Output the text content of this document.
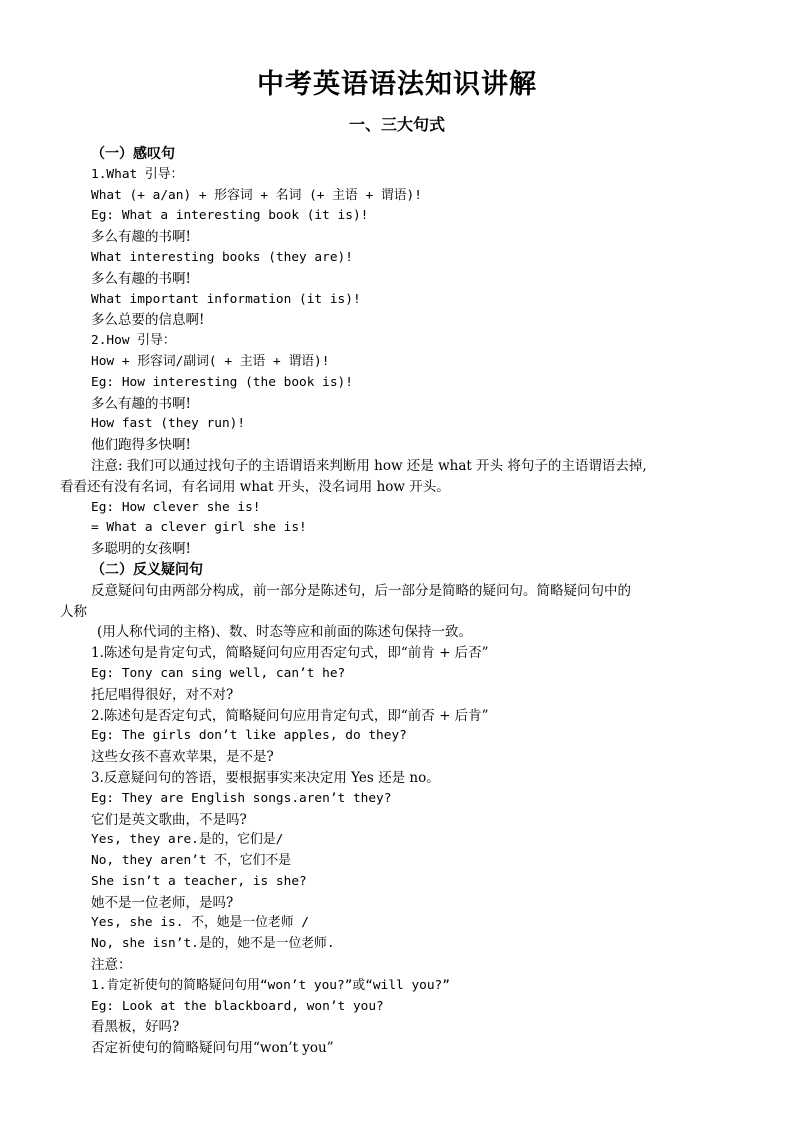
中考英语语法知识讲解
一、三大句式
（一）感叹句
1.What 引导：
What (+ a/an) + 形容词 + 名词 (+ 主语 + 谓语)!
Eg: What a interesting book (it is)!
多么有趣的书啊!
What interesting books (they are)!
多么有趣的书啊!
What important information (it is)!
多么总要的信息啊!
2.How 引导：
How + 形容词/副词( + 主语 + 谓语)!
Eg: How interesting (the book is)!
多么有趣的书啊!
How fast (they run)!
他们跑得多快啊!
注意: 我们可以通过找句子的主语谓语来判断用 how 还是 what 开头 将句子的主语谓语去掉,
看看还有没有名词，有名词用 what 开头，没名词用 how 开头。
Eg: How clever she is!
= What a clever girl she is!
多聪明的女孩啊!
（二）反义疑问句
反意疑问句由两部分构成，前一部分是陈述句，后一部分是简略的疑问句。简略疑问句中的
人称
(用人称代词的主格)、数、时态等应和前面的陈述句保持一致。
1.陈述句是肯定句式，简略疑问句应用否定句式，即“前肯 + 后否”
Eg: Tony can sing well, can’t he?
托尼唱得很好，对不对?
2.陈述句是否定句式，简略疑问句应用肯定句式，即“前否 + 后肯”
Eg: The girls don’t like apples, do they?
这些女孩不喜欢苹果，是不是?
3.反意疑问句的答语，要根据事实来决定用 Yes 还是 no。
Eg: They are English songs.aren’t they?
它们是英文歌曲，不是吗?
Yes, they are.是的，它们是/
No, they aren’t 不，它们不是
She isn’t a teacher, is she?
她不是一位老师，是吗?
Yes, she is. 不，她是一位老师 /
No, she isn’t.是的，她不是一位老师.
注意：
1.肯定祈使句的简略疑问句用“won’t you?”或“will you?”
Eg: Look at the blackboard, won’t you?
看黑板，好吗?
否定祈使句的简略疑问句用“won’t you”
